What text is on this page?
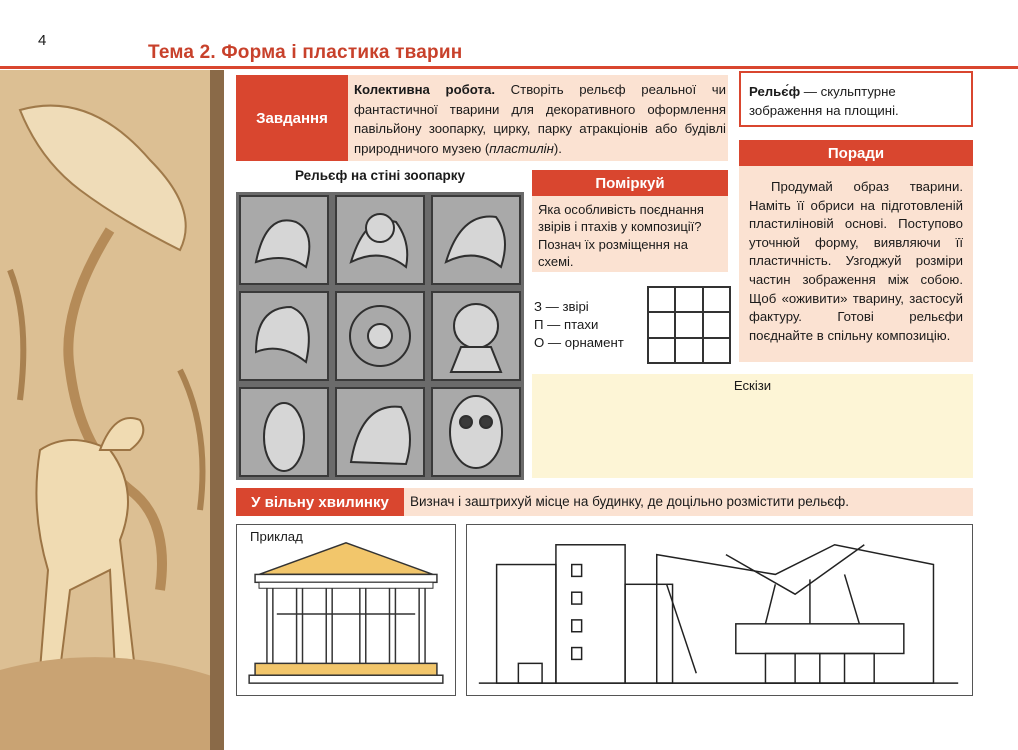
4
Тема 2. Форма і пластика тварин
Завдання
Колективна робота. Створіть рельєф реальної чи фантастичної тварини для декоративного оформлення павільйону зоопарку, цирку, парку атракціонів або будівлі природничого музею (пластилін).
Рельє́ф — скульптурне зображення на площині.
Поради
Продумай образ тварини. Наміть її обриси на підготовленій пластиліновій основі. Поступово уточнюй форму, виявляючи її пластичність. Узгоджуй розміри частин зображення між собою. Щоб «оживити» тварину, застосуй фактуру. Готові рельєфи поєднайте в спільну композицію.
Рельєф на стіні зоопарку	Поміркуй
Яка особливість поєднання звірів і птахів у композиції? Познач їх розміщення на схемі.
З — звірі
П — птахи
О — орнамент
Ескізи
У вільну хвилинку	Визнач і заштрихуй місце на будинку, де доцільно розмістити рельєф.
Приклад
